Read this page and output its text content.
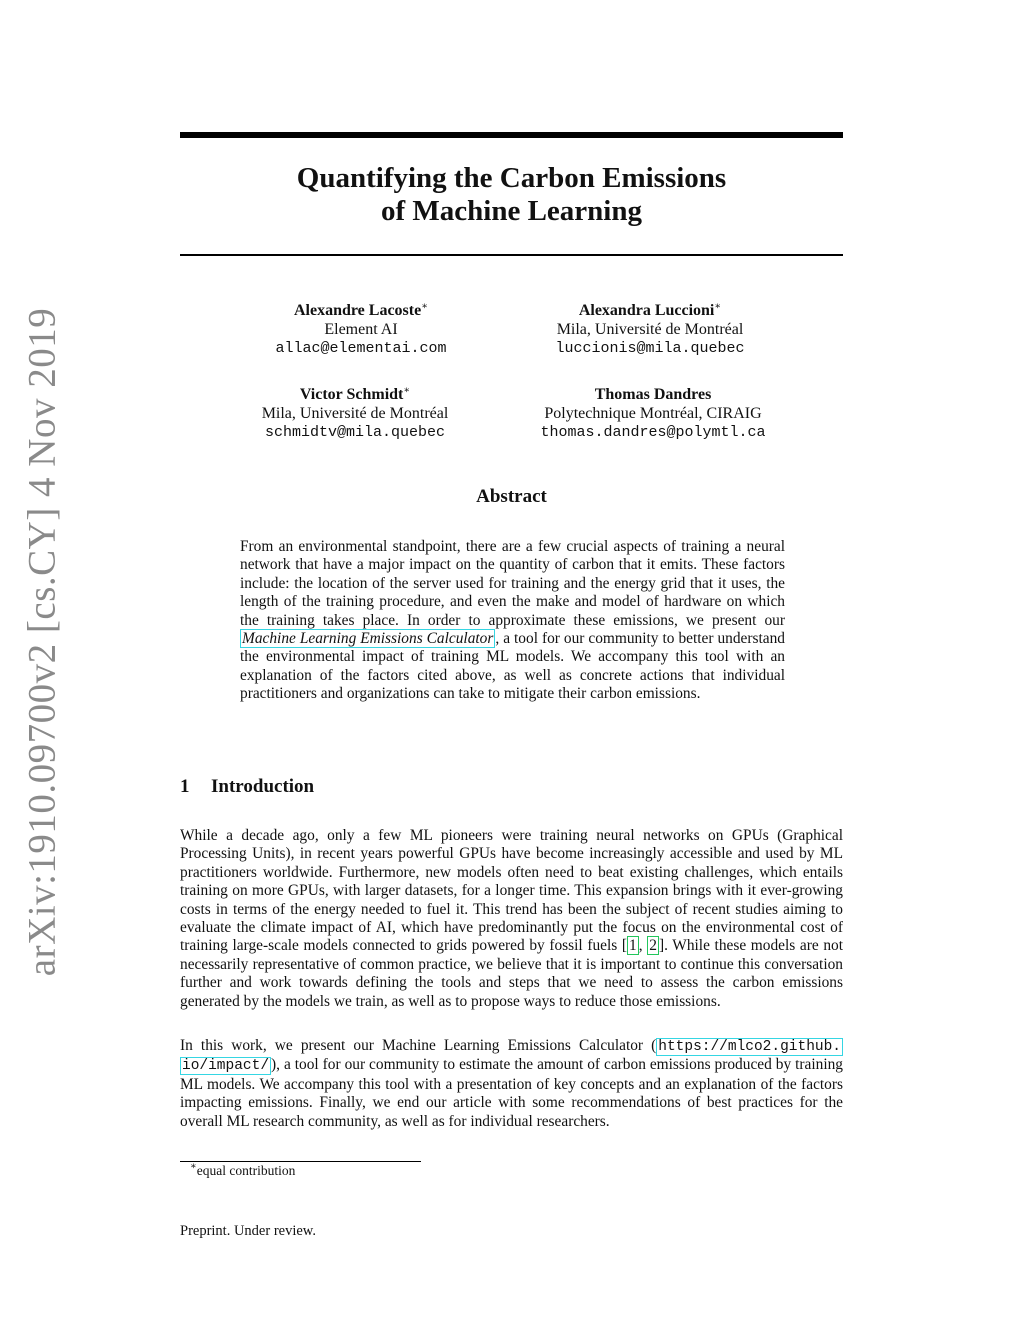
arXiv:1910.09700v2 [cs.CY] 4 Nov 2019
Quantifying the Carbon Emissions
of Machine Learning
Alexandre Lacoste∗
Element AI
allac@elementai.com
Alexandra Luccioni∗
Mila, Université de Montréal
luccionis@mila.quebec
Victor Schmidt∗
Mila, Université de Montréal
schmidtv@mila.quebec
Thomas Dandres
Polytechnique Montréal, CIRAIG
thomas.dandres@polymtl.ca
Abstract
From an environmental standpoint, there are a few crucial aspects of training a neural network that have a major impact on the quantity of carbon that it emits. These factors include: the location of the server used for training and the energy grid that it uses, the length of the training procedure, and even the make and model of hardware on which the training takes place. In order to approximate these emissions, we present our Machine Learning Emissions Calculator , a tool for our community to better understand the environmental impact of training ML models. We accompany this tool with an explanation of the factors cited above, as well as concrete actions that individual practitioners and organizations can take to mitigate their carbon emissions.
1 Introduction
While a decade ago, only a few ML pioneers were training neural networks on GPUs (Graphical Processing Units), in recent years powerful GPUs have become increasingly accessible and used by ML practitioners worldwide. Furthermore, new models often need to beat existing challenges, which entails training on more GPUs, with larger datasets, for a longer time. This expansion brings with it ever-growing costs in terms of the energy needed to fuel it. This trend has been the subject of recent studies aiming to evaluate the climate impact of AI, which have predominantly put the focus on the environmental cost of training large-scale models connected to grids powered by fossil fuels [ 1 , 2 ]. While these models are not necessarily representative of common practice, we believe that it is important to continue this conversation further and work towards defining the tools and steps that we need to assess the carbon emissions generated by the models we train, as well as to propose ways to reduce those emissions.
In this work, we present our Machine Learning Emissions Calculator ( https://mlco2.github. io/impact/ ), a tool for our community to estimate the amount of carbon emissions produced by training ML models. We accompany this tool with a presentation of key concepts and an explanation of the factors impacting emissions. Finally, we end our article with some recommendations of best practices for the overall ML research community, as well as for individual researchers.
∗equal contribution
Preprint. Under review.
